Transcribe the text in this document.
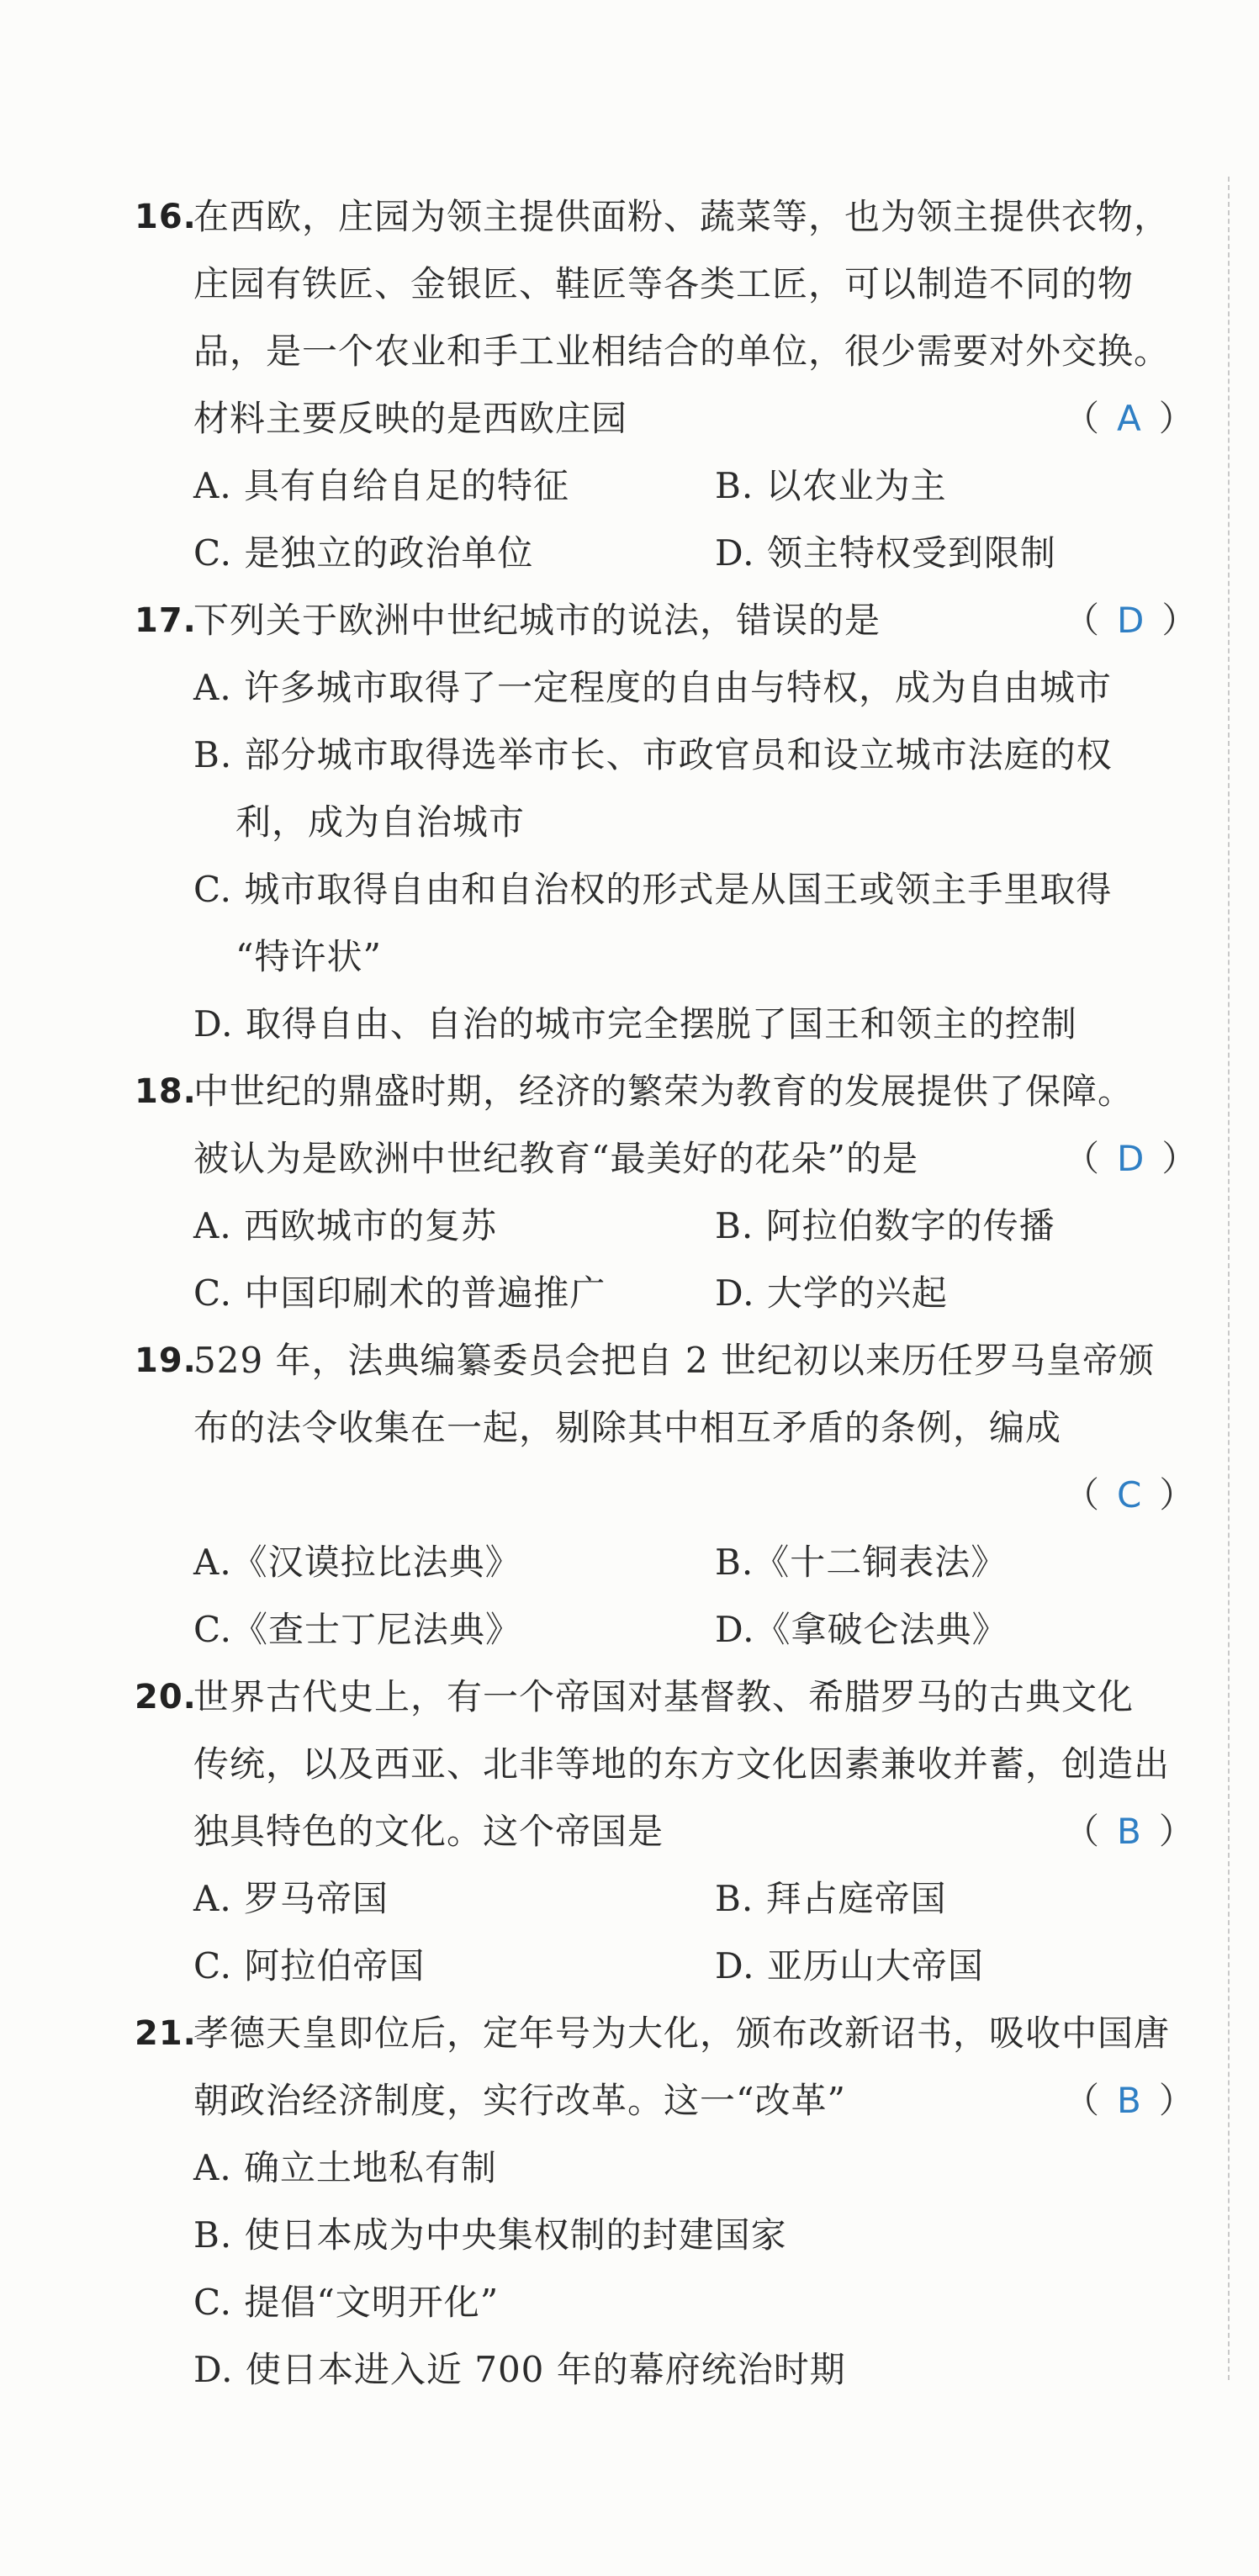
16.
在西欧，庄园为领主提供面粉、蔬菜等，也为领主提供衣物，
庄园有铁匠、金银匠、鞋匠等各类工匠，可以制造不同的物
品，是一个农业和手工业相结合的单位，很少需要对外交换。
材料主要反映的是西欧庄园	（ A ）
A. 具有自给自足的特征	B. 以农业为主
C. 是独立的政治单位	D. 领主特权受到限制
17.
下列关于欧洲中世纪城市的说法，错误的是	（ D ）
A. 许多城市取得了一定程度的自由与特权，成为自由城市
B. 部分城市取得选举市长、市政官员和设立城市法庭的权
利，成为自治城市
C. 城市取得自由和自治权的形式是从国王或领主手里取得
“特许状”
D. 取得自由、自治的城市完全摆脱了国王和领主的控制
18.
中世纪的鼎盛时期，经济的繁荣为教育的发展提供了保障。
被认为是欧洲中世纪教育“最美好的花朵”的是	（ D ）
A. 西欧城市的复苏	B. 阿拉伯数字的传播
C. 中国印刷术的普遍推广	D. 大学的兴起
19.
529 年，法典编纂委员会把自 2 世纪初以来历任罗马皇帝颁
布的法令收集在一起，剔除其中相互矛盾的条例，编成
（ C ）
A.《汉谟拉比法典》	B.《十二铜表法》
C.《查士丁尼法典》	D.《拿破仑法典》
20.
世界古代史上，有一个帝国对基督教、希腊罗马的古典文化
传统，以及西亚、北非等地的东方文化因素兼收并蓄，创造出
独具特色的文化。这个帝国是	（ B ）
A. 罗马帝国	B. 拜占庭帝国
C. 阿拉伯帝国	D. 亚历山大帝国
21.
孝德天皇即位后，定年号为大化，颁布改新诏书，吸收中国唐
朝政治经济制度，实行改革。这一“改革”	（ B ）
A. 确立土地私有制
B. 使日本成为中央集权制的封建国家
C. 提倡“文明开化”
D. 使日本进入近 700 年的幕府统治时期
